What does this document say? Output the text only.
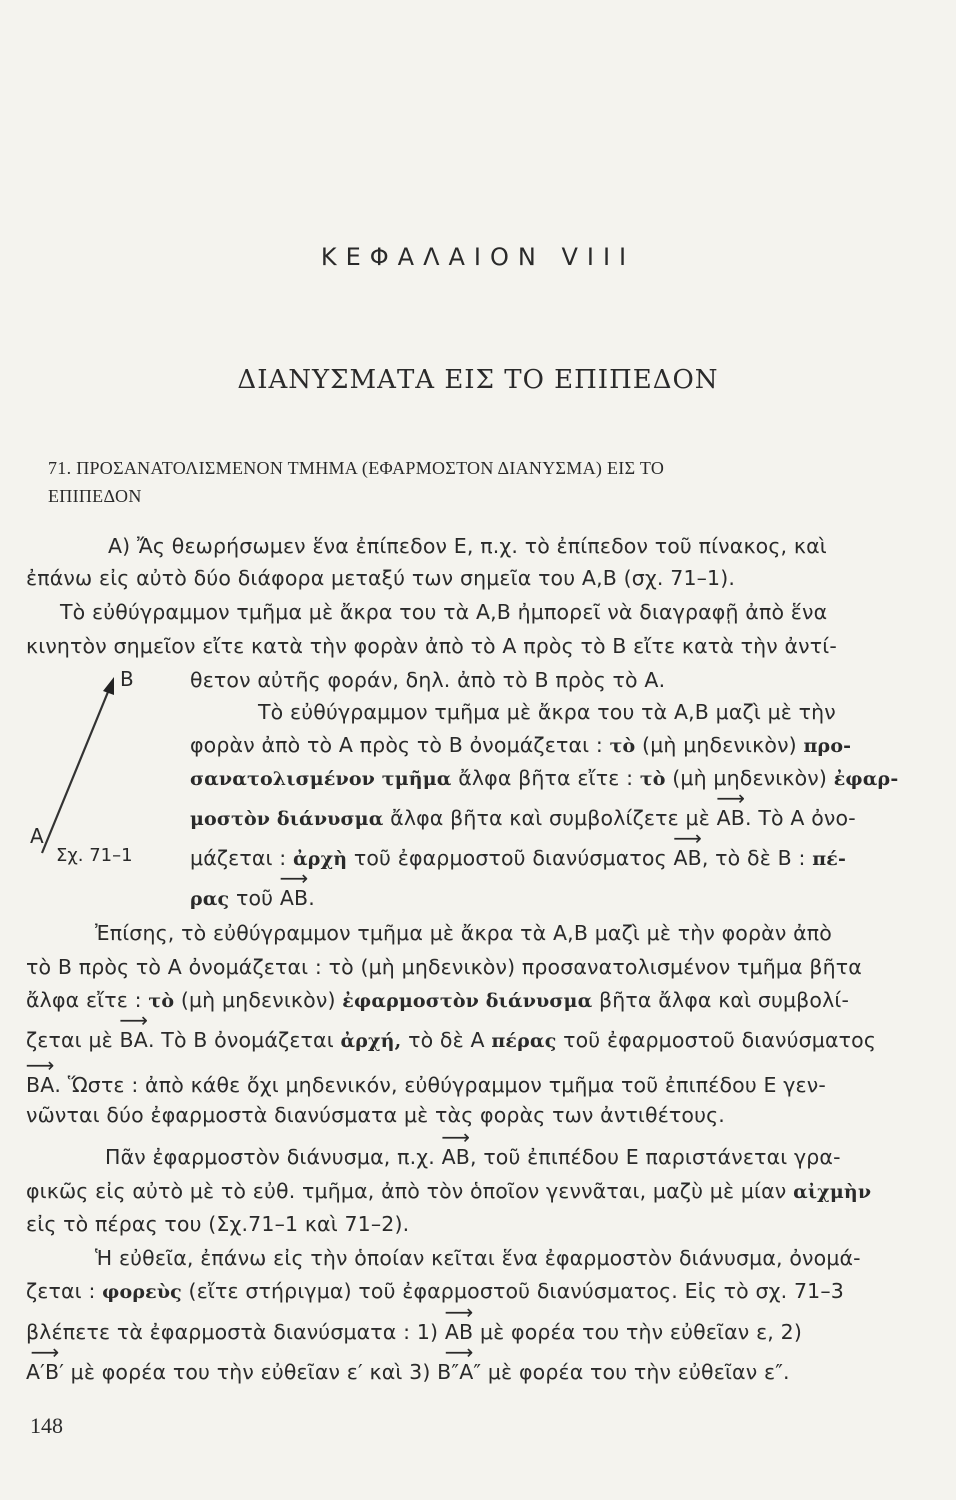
ΚΕΦΑΛΑΙΟΝ VIII
ΔΙΑΝΥΣΜΑΤΑ ΕΙΣ ΤΟ ΕΠΙΠΕΔΟΝ
71. ΠΡΟΣΑΝΑΤΟΛΙΣΜΕΝΟΝ ΤΜΗΜΑ (ΕΦΑΡΜΟΣΤΟΝ ΔΙΑΝΥΣΜΑ) ΕΙΣ ΤΟ
ΕΠΙΠΕΔΟΝ
B
A
Σχ. 71–1
Α) Ἄς θεωρήσωμεν ἕνα ἐπίπεδον Ε, π.χ. τὸ ἐπίπεδον τοῦ πίνακος, καὶ
ἐπάνω εἰς αὐτὸ δύο διάφορα μεταξύ των σημεῖα του Α,Β (σχ. 71–1).
Τὸ εὐθύγραμμον τμῆμα μὲ ἄκρα του τὰ Α,Β ἠμπορεῖ νὰ διαγραφῇ ἀπὸ ἕνα
κινητὸν σημεῖον εἴτε κατὰ τὴν φορὰν ἀπὸ τὸ Α πρὸς τὸ Β εἴτε κατὰ τὴν ἀντί-
θετον αὐτῆς φοράν, δηλ. ἀπὸ τὸ Β πρὸς τὸ Α.
Τὸ εὐθύγραμμον τμῆμα μὲ ἄκρα του τὰ Α,Β μαζὶ μὲ τὴν
φορὰν ἀπὸ τὸ Α πρὸς τὸ Β ὀνομάζεται : τὸ (μὴ μηδενικὸν) προ-
σανατολισμένον τμῆμα ἄλφα βῆτα εἴτε : τὸ (μὴ μηδενικὸν) ἐφαρ-
μοστὸν διάνυσμα ἄλφα βῆτα καὶ συμβολίζετε μὲ ⟶ ΑΒ. Τὸ Α ὀνο-
μάζεται : ἀρχὴ τοῦ ἐφαρμοστοῦ διανύσματος ⟶ ΑΒ, τὸ δὲ Β : πέ-
ρας τοῦ ⟶ ΑΒ.
Ἐπίσης, τὸ εὐθύγραμμον τμῆμα μὲ ἄκρα τὰ Α,Β μαζὶ μὲ τὴν φορὰν ἀπὸ
τὸ Β πρὸς τὸ Α ὀνομάζεται : τὸ (μὴ μηδενικὸν) προσανατολισμένον τμῆμα βῆτα
ἄλφα εἴτε : τὸ (μὴ μηδενικὸν) ἐφαρμοστὸν διάνυσμα βῆτα ἄλφα καὶ συμβολί-
ζεται μὲ ⟶ ΒΑ. Τὸ Β ὀνομάζεται ἀρχή, τὸ δὲ Α πέρας τοῦ ἐφαρμοστοῦ διανύσματος
⟶ ΒΑ. Ὥστε : ἀπὸ κάθε ὄχι μηδενικόν, εὐθύγραμμον τμῆμα τοῦ ἐπιπέδου Ε γεν-
νῶνται δύο ἐφαρμοστὰ διανύσματα μὲ τὰς φορὰς των ἀντιθέτους.
Πᾶν ἐφαρμοστὸν διάνυσμα, π.χ. ⟶ ΑΒ, τοῦ ἐπιπέδου Ε παριστάνεται γρα-
φικῶς εἰς αὐτὸ μὲ τὸ εὐθ. τμῆμα, ἀπὸ τὸν ὁποῖον γεννᾶται, μαζὺ μὲ μίαν αἰχμὴν
εἰς τὸ πέρας του (Σχ.71–1 καὶ 71–2).
Ἡ εὐθεῖα, ἐπάνω εἰς τὴν ὁποίαν κεῖται ἕνα ἐφαρμοστὸν διάνυσμα, ὀνομά-
ζεται : φορεὺς (εἴτε στήριγμα) τοῦ ἐφαρμοστοῦ διανύσματος. Εἰς τὸ σχ. 71–3
βλέπετε τὰ ἐφαρμοστὰ διανύσματα : 1) ⟶ ΑΒ μὲ φορέα του τὴν εὐθεῖαν ε, 2)
⟶ Α′Β′ μὲ φορέα του τὴν εὐθεῖαν ε′ καὶ 3) ⟶ Β″Α″ μὲ φορέα του τὴν εὐθεῖαν ε″.
148
